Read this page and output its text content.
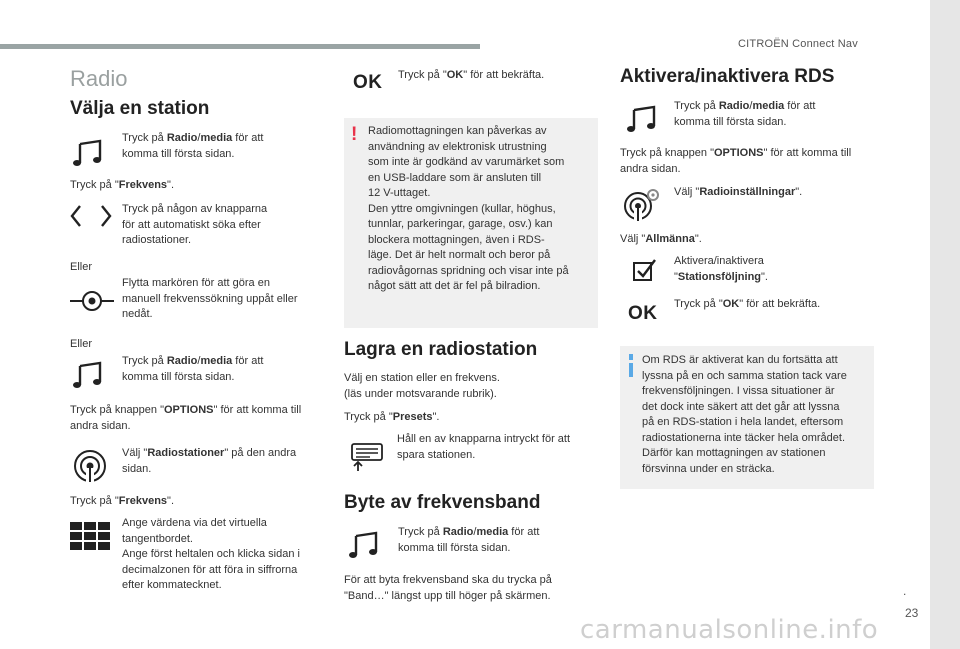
CITROËN Connect Nav
.
23
carmanualsonline.info
Radio
Välja en station
Tryck på Radio/media för att
komma till första sidan.
Tryck på "Frekvens".
Tryck på någon av knapparna
för att automatiskt söka efter
radiostationer.
Eller
Flytta markören för att göra en
manuell frekvenssökning uppåt eller
nedåt.
Eller
Tryck på Radio/media för att
komma till första sidan.
Tryck på knappen "OPTIONS" för att komma till
andra sidan.
Välj "Radiostationer" på den andra
sidan.
Tryck på "Frekvens".
Ange värdena via det virtuella
tangentbordet.
Ange först heltalen och klicka sidan i
decimalzonen för att föra in siffrorna
efter kommatecknet.
OK Tryck på "OK" för att bekräfta.
! Radiomottagningen kan påverkas av
användning av elektronisk utrustning
som inte är godkänd av varumärket som
en USB-laddare som är ansluten till
12 V-uttaget.
Den yttre omgivningen (kullar, höghus,
tunnlar, parkeringar, garage, osv.) kan
blockera mottagningen, även i RDS-
läge. Det är helt normalt och beror på
radiovågornas spridning och visar inte på
något sätt att det är fel på bilradion.
Lagra en radiostation
Välj en station eller en frekvens.
(läs under motsvarande rubrik).
Tryck på "Presets".
Håll en av knapparna intryckt för att
spara stationen.
Byte av frekvensband
Tryck på Radio/media för att
komma till första sidan.
För att byta frekvensband ska du trycka på
"Band…" längst upp till höger på skärmen.
Aktivera/inaktivera RDS
Tryck på Radio/media för att
komma till första sidan.
Tryck på knappen "OPTIONS" för att komma till
andra sidan.
Välj "Radioinställningar".
Välj "Allmänna".
Aktivera/inaktivera
"Stationsföljning".
OK Tryck på "OK" för att bekräfta.
Om RDS är aktiverat kan du fortsätta att
lyssna på en och samma station tack vare
frekvensföljningen. I vissa situationer är
det dock inte säkert att det går att lyssna
på en RDS-station i hela landet, eftersom
radiostationerna inte täcker hela området.
Därför kan mottagningen av stationen
försvinna under en sträcka.
